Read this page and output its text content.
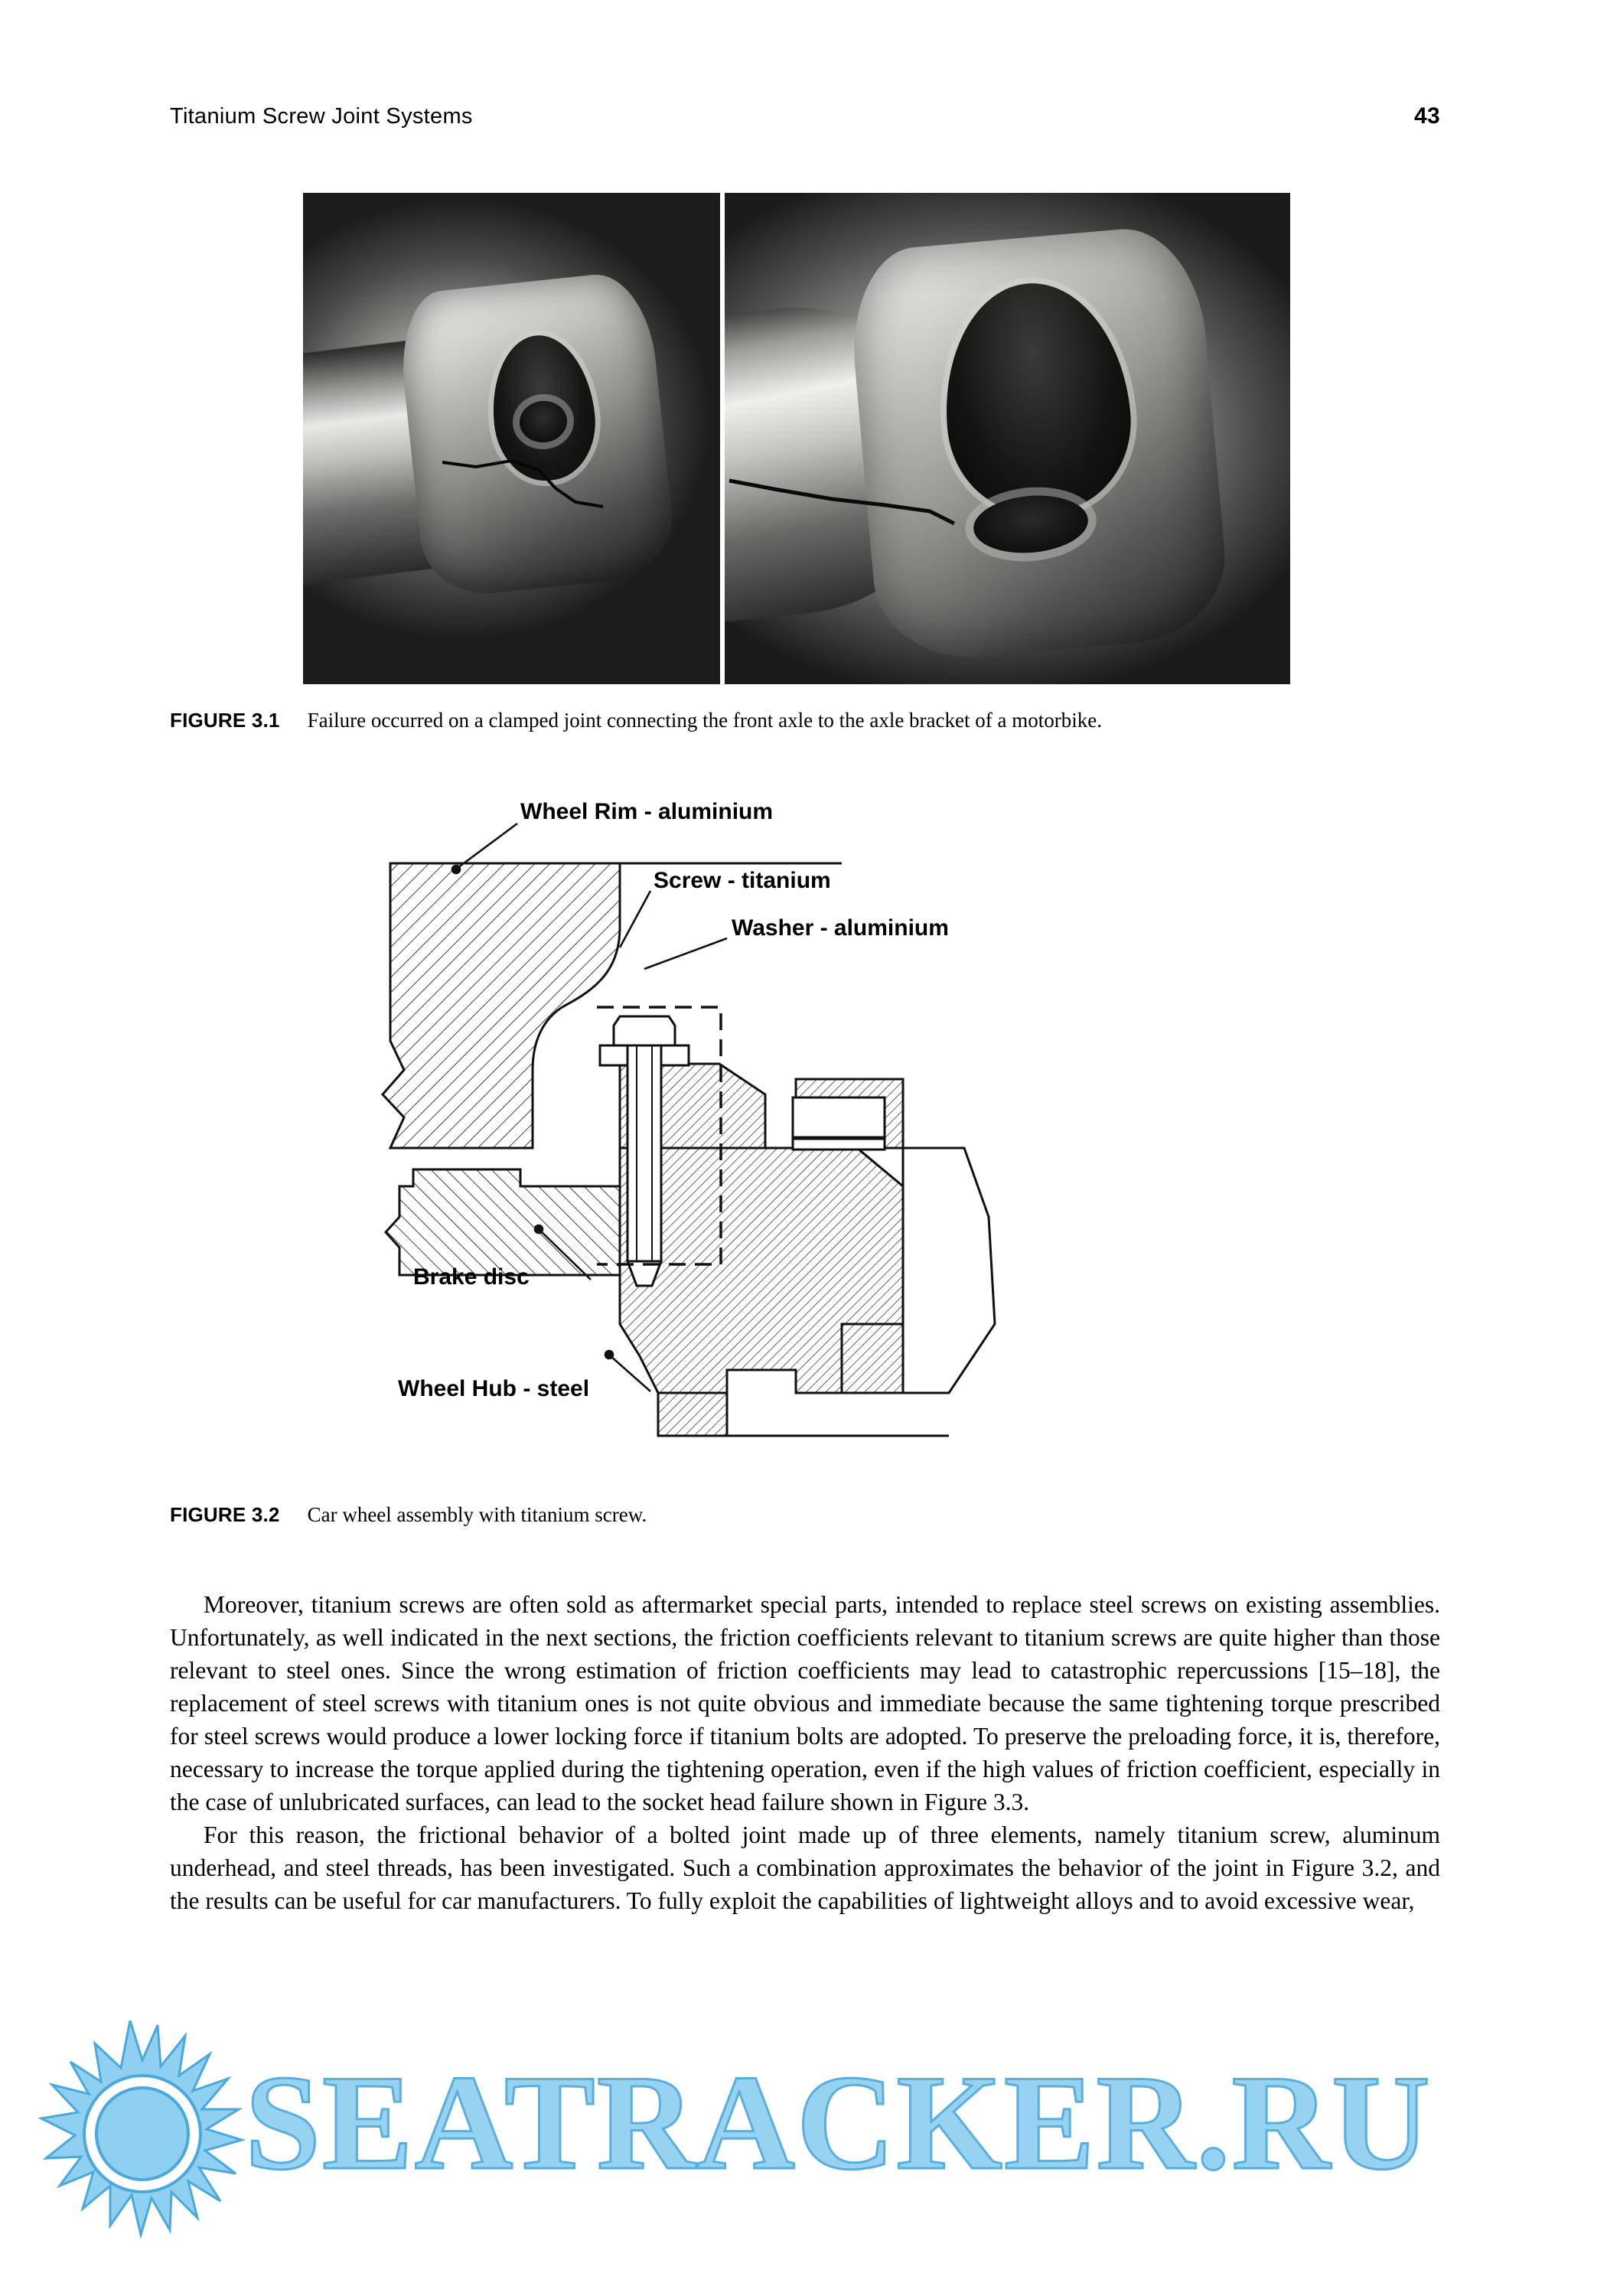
Titanium Screw Joint Systems	43
FIGURE 3.1 Failure occurred on a clamped joint connecting the front axle to the axle bracket of a motorbike.
Wheel Rim - aluminium
Screw - titanium
Washer - aluminium
Brake disc
Wheel Hub - steel
FIGURE 3.2 Car wheel assembly with titanium screw.

Moreover, titanium screws are often sold as aftermarket special parts, intended to replace steel screws on existing assemblies. Unfortunately, as well indicated in the next sections, the friction coefficients relevant to titanium screws are quite higher than those relevant to steel ones. Since the wrong estimation of friction coefficients may lead to catastrophic repercussions [15–18], the replacement of steel screws with titanium ones is not quite obvious and immediate because the same tightening torque prescribed for steel screws would produce a lower locking force if titanium bolts are adopted. To preserve the preloading force, it is, therefore, necessary to increase the torque applied during the tightening operation, even if the high values of friction coefficient, especially in the case of unlubricated surfaces, can lead to the socket head failure shown in Figure 3.3.

For this reason, the frictional behavior of a bolted joint made up of three elements, namely titanium screw, aluminum underhead, and steel threads, has been investigated. Such a combination approximates the behavior of the joint in Figure 3.2, and the results can be useful for car manufacturers. To fully exploit the capabilities of lightweight alloys and to avoid excessive wear,

SEATRACKER.RU
